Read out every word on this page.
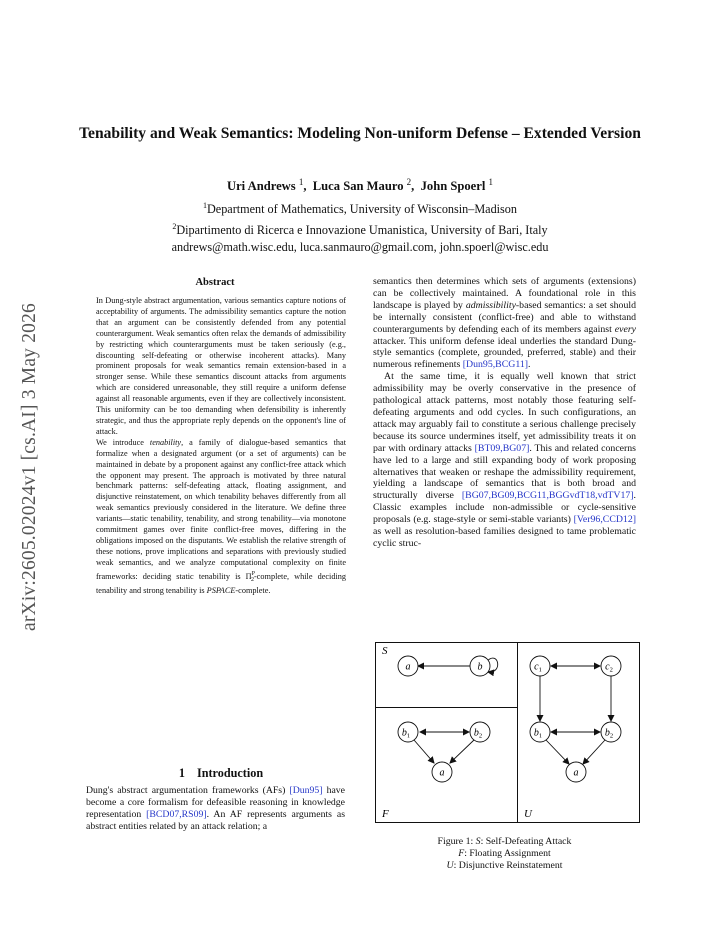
arXiv:2605.02024v1 [cs.AI] 3 May 2026
Tenability and Weak Semantics: Modeling Non-uniform Defense – Extended Version
Uri Andrews $^1$,  Luca San Mauro $^2$,  John Spoerl $^1$
$^1$Department of Mathematics, University of Wisconsin–Madison
$^2$Dipartimento di Ricerca e Innovazione Umanistica, University of Bari, Italy
andrews@math.wisc.edu, luca.sanmauro@gmail.com, john.spoerl@wisc.edu
Abstract

In Dung-style abstract argumentation, various semantics capture notions of acceptability of arguments. The admissibility semantics capture the notion that an argument can be consistently defended from any potential counterargument. Weak semantics often relax the demands of admissibility by restricting which counterarguments must be taken seriously (e.g., discounting self-defeating or otherwise incoherent attacks). Many prominent proposals for weak semantics remain extension-based in a stronger sense. While these semantics discount attacks from arguments which are considered unreasonable, they still require a uniform defense against all reasonable arguments, even if they are collectively inconsistent. This uniformity can be too demanding when defensibility is inherently strategic, and thus the appropriate reply depends on the opponent's line of attack.

We introduce tenability, a family of dialogue-based semantics that formalize when a designated argument (or a set of arguments) can be maintained in debate by a proponent against any conflict-free attack which the opponent may present. The approach is motivated by three natural benchmark patterns: self-defeating attack, floating assignment, and disjunctive reinstatement, on which tenability behaves differently from all weak semantics previously considered in the literature. We define three variants—static tenability, tenability, and strong tenability—via monotone commitment games over finite conflict-free moves, differing in the obligations imposed on the disputants. We establish the relative strength of these notions, prove implications and separations with previously studied weak semantics, and we analyze computational complexity on finite frameworks: deciding static tenability is $\Pi^P_2$-complete, while deciding tenability and strong tenability is PSPACE-complete.

1 Introduction

Dung's abstract argumentation frameworks (AFs) [Dun95] have become a core formalism for defeasible reasoning in knowledge representation [BCD07,RS09]. An AF represents arguments as abstract entities related by an attack relation; a

semantics then determines which sets of arguments (extensions) can be collectively maintained. A foundational role in this landscape is played by admissibility-based semantics: a set should be internally consistent (conflict-free) and able to withstand counterarguments by defending each of its members against every attacker. This uniform defense ideal underlies the standard Dung-style semantics (complete, grounded, preferred, stable) and their numerous refinements [Dun95,BCG11].

At the same time, it is equally well known that strict admissibility may be overly conservative in the presence of pathological attack patterns, most notably those featuring self-defeating arguments and odd cycles. In such configurations, an attack may arguably fail to constitute a serious challenge precisely because its source undermines itself, yet admissibility treats it on par with ordinary attacks [BT09,BG07]. This and related concerns have led to a large and still expanding body of work proposing alternatives that weaken or reshape the admissibility requirement, yielding a landscape of semantics that is both broad and structurally diverse [BG07,BG09,BCG11,BGGvdT18,vdTV17]. Classic examples include non-admissible or cycle-sensitive proposals (e.g. stage-style or semi-stable variants) [Ver96,CCD12] as well as resolution-based families designed to tame problematic cyclic struc-

S
F	U
a	b
$b_1$	$b_2$
a
$c_1$	$c_2$
$b_1$	$b_2$
a
Figure 1: S: Self-Defeating Attack
F: Floating Assignment
U: Disjunctive Reinstatement
